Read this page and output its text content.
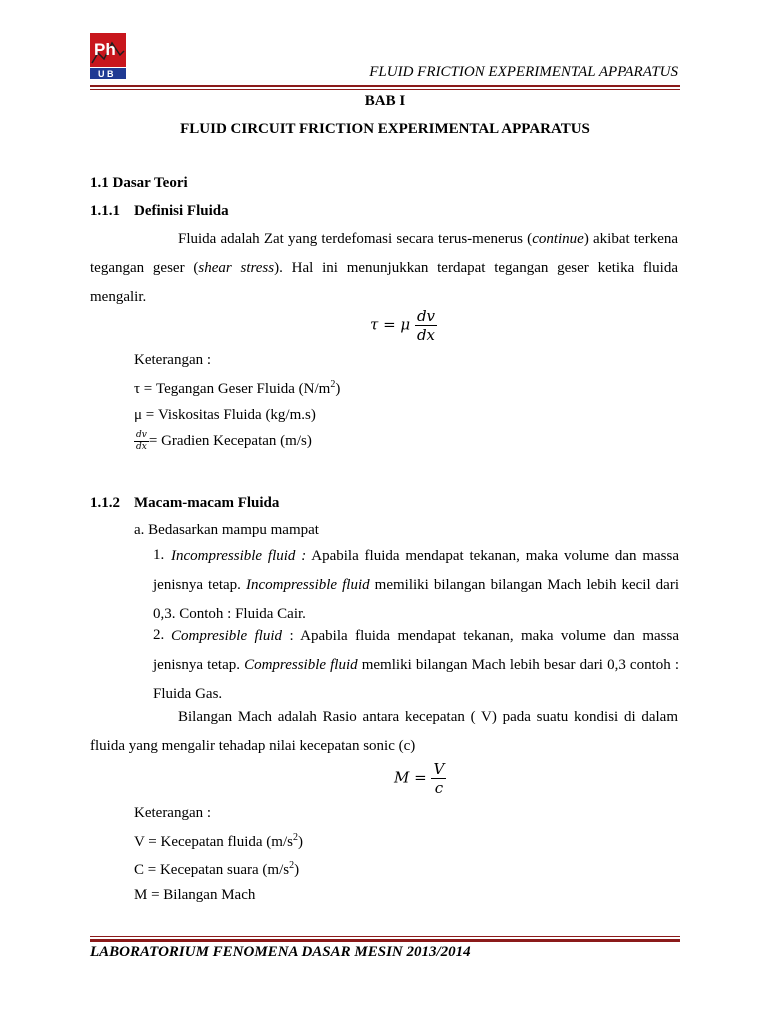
Ph
U B	FLUID FRICTION EXPERIMENTAL APPARATUS
BAB I
FLUID CIRCUIT FRICTION EXPERIMENTAL APPARATUS
1.1 Dasar Teori
1.1.1 Definisi Fluida
Fluida adalah Zat yang terdefomasi secara terus-menerus (continue) akibat terkena tegangan geser (shear stress). Hal ini menunjukkan terdapat tegangan geser ketika fluida mengalir.
τ = μ $\frac{dv}{dx}$
Keterangan :
τ = Tegangan Geser Fluida $(N/m^2)$
μ = Viskositas Fluida (kg/m.s)
$\frac{dv}{dx}$ = Gradien Kecepatan (m/s)
1.1.2 Macam-macam Fluida
a. Bedasarkan mampu mampat
1. Incompressible fluid : Apabila fluida mendapat tekanan, maka volume dan massa jenisnya tetap. Incompressible fluid memiliki bilangan bilangan Mach lebih kecil dari 0,3. Contoh : Fluida Cair.
2. Compresible fluid : Apabila fluida mendapat tekanan, maka volume dan massa jenisnya tetap. Compressible fluid memliki bilangan Mach lebih besar dari 0,3 contoh : Fluida Gas.
Bilangan Mach adalah Rasio antara kecepatan ( V) pada suatu kondisi di dalam fluida yang mengalir tehadap nilai kecepatan sonic (c)
$M = \frac{V}{c}$
Keterangan :
V = Kecepatan fluida $(m/s^2)$
C = Kecepatan suara $(m/s^2)$
M = Bilangan Mach
LABORATORIUM FENOMENA DASAR MESIN 2013/2014
